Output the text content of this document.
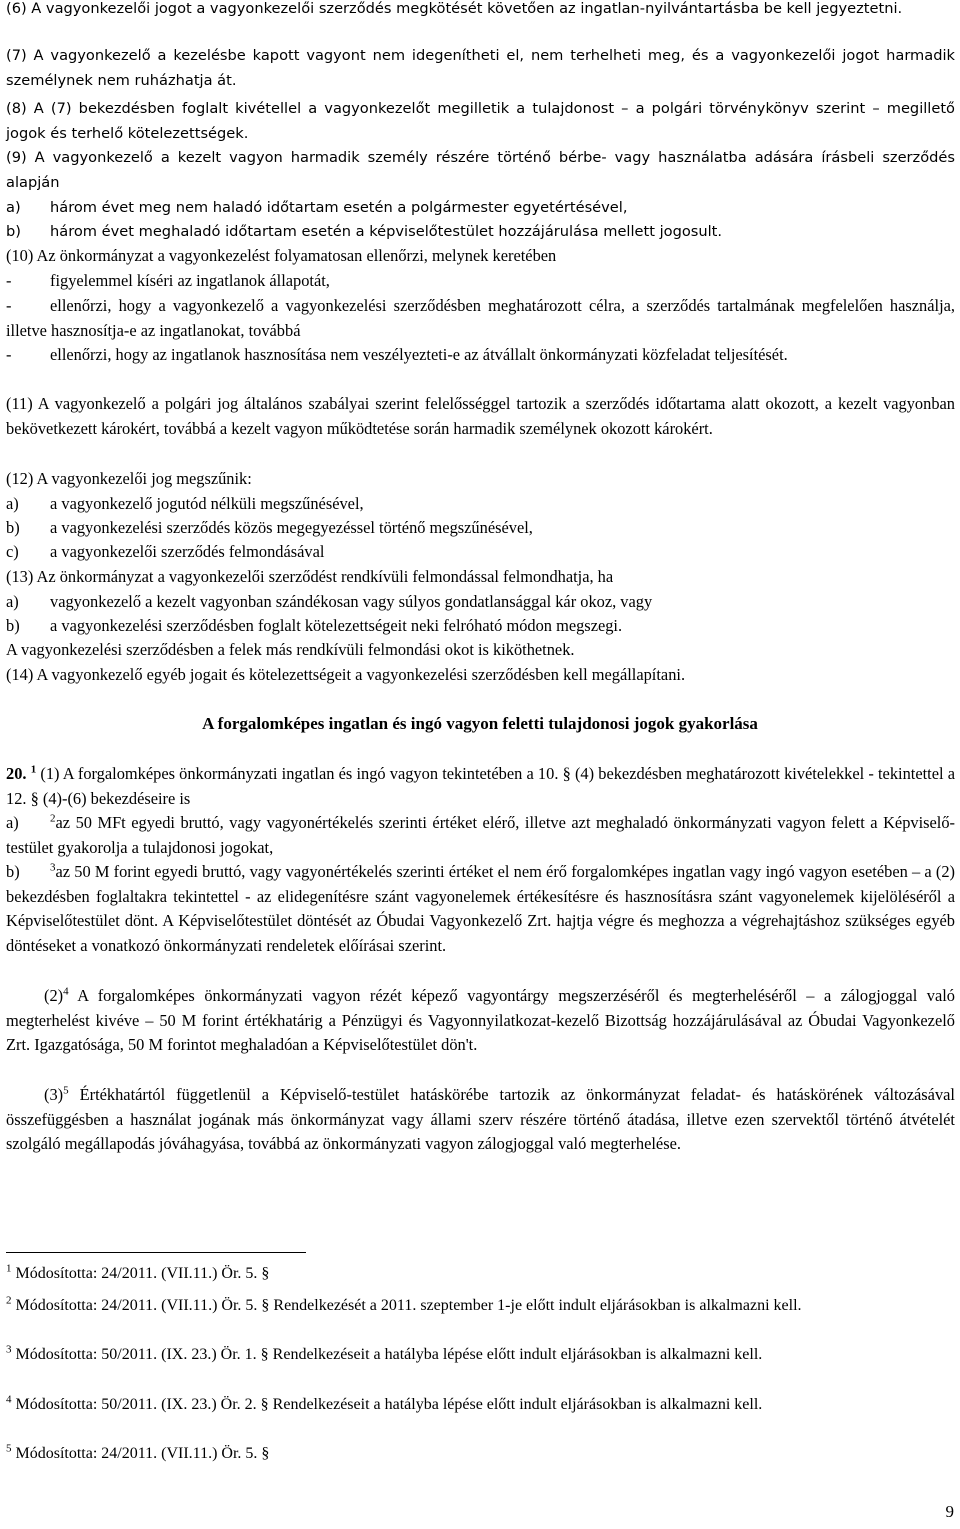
(6) A vagyonkezelői jogot a vagyonkezelői szerződés megkötését követően az ingatlan-nyilvántartásba be kell jegyeztetni.
(7) A vagyonkezelő a kezelésbe kapott vagyont nem idegenítheti el, nem terhelheti meg, és a vagyonkezelői jogot harmadik személynek nem ruházhatja át.
(8) A (7) bekezdésben foglalt kivétellel a vagyonkezelőt megilletik a tulajdonost – a polgári törvénykönyv szerint – megillető jogok és terhelő kötelezettségek.
(9) A vagyonkezelő a kezelt vagyon harmadik személy részére történő bérbe- vagy használatba adására írásbeli szerződés alapján
a) három évet meg nem haladó időtartam esetén a polgármester egyetértésével,
b) három évet meghaladó időtartam esetén a képviselőtestület hozzájárulása mellett jogosult.
(10) Az önkormányzat a vagyonkezelést folyamatosan ellenőrzi, melynek keretében
- figyelemmel kíséri az ingatlanok állapotát,
- ellenőrzi, hogy a vagyonkezelő a vagyonkezelési szerződésben meghatározott célra, a szerződés tartalmának megfelelően használja, illetve hasznosítja-e az ingatlanokat, továbbá
- ellenőrzi, hogy az ingatlanok hasznosítása nem veszélyezteti-e az átvállalt önkormányzati közfeladat teljesítését.
(11) A vagyonkezelő a polgári jog általános szabályai szerint felelősséggel tartozik a szerződés időtartama alatt okozott, a kezelt vagyonban bekövetkezett károkért, továbbá a kezelt vagyon működtetése során harmadik személynek okozott károkért.
(12) A vagyonkezelői jog megszűnik:
a) a vagyonkezelő jogutód nélküli megszűnésével,
b) a vagyonkezelési szerződés közös megegyezéssel történő megszűnésével,
c) a vagyonkezelői szerződés felmondásával
(13) Az önkormányzat a vagyonkezelői szerződést rendkívüli felmondással felmondhatja, ha
a) vagyonkezelő a kezelt vagyonban szándékosan vagy súlyos gondatlansággal kár okoz, vagy
b) a vagyonkezelési szerződésben foglalt kötelezettségeit neki felróható módon megszegi.
A vagyonkezelési szerződésben a felek más rendkívüli felmondási okot is kiköthetnek.
(14) A vagyonkezelő egyéb jogait és kötelezettségeit a vagyonkezelési szerződésben kell megállapítani.
A forgalomképes ingatlan és ingó vagyon feletti tulajdonosi jogok gyakorlása
20. $^1$ (1) A forgalomképes önkormányzati ingatlan és ingó vagyon tekintetében a 10. § (4) bekezdésben meghatározott kivételekkel - tekintettel a 12. § (4)-(6) bekezdéseire is
a)	$^2$az 50 MFt egyedi bruttó, vagy vagyonértékelés szerinti értéket elérő, illetve azt meghaladó önkormányzati vagyon felett a Képviselő-testület gyakorolja a tulajdonosi jogokat,
b)	$^3$az 50 M forint egyedi bruttó, vagy vagyonértékelés szerinti értéket el nem érő forgalomképes ingatlan vagy ingó vagyon esetében – a (2) bekezdésben foglaltakra tekintettel - az elidegenítésre szánt vagyonelemek értékesítésre és hasznosításra szánt vagyonelemek kijelöléséről a Képviselőtestület dönt. A Képviselőtestület döntését az Óbudai Vagyonkezelő Zrt. hajtja végre és meghozza a végrehajtáshoz szükséges egyéb döntéseket a vonatkozó önkormányzati rendeletek előírásai szerint.
$(2)^4$ A forgalomképes önkormányzati vagyon rézét képező vagyontárgy megszerzéséről és megterheléséről – a zálogjoggal való megterhelést kivéve – 50 M forint értékhatárig a Pénzügyi és Vagyonnyilatkozat-kezelő Bizottság hozzájárulásával az Óbudai Vagyonkezelő Zrt. Igazgatósága, 50 M forintot meghaladóan a Képviselőtestület dön't.
$(3)^5$ Értékhatártól függetlenül a Képviselő-testület hatáskörébe tartozik az önkormányzat feladat- és hatáskörének változásával összefüggésben a használat jogának más önkormányzat vagy állami szerv részére történő átadása, illetve ezen szervektől történő átvételét szolgáló megállapodás jóváhagyása, továbbá az önkormányzati vagyon zálogjoggal való megterhelése.
$^1$ Módosította: 24/2011. (VII.11.) Ör. 5. §
$^2$ Módosította: 24/2011. (VII.11.) Ör. 5. § Rendelkezését a 2011. szeptember 1-je előtt indult eljárásokban is alkalmazni kell.
$^3$ Módosította: 50/2011. (IX. 23.) Ör. 1. § Rendelkezéseit a hatályba lépése előtt indult eljárásokban is alkalmazni kell.
$^4$ Módosította: 50/2011. (IX. 23.) Ör. 2. § Rendelkezéseit a hatályba lépése előtt indult eljárásokban is alkalmazni kell.
$^5$ Módosította: 24/2011. (VII.11.) Ör. 5. §
9
